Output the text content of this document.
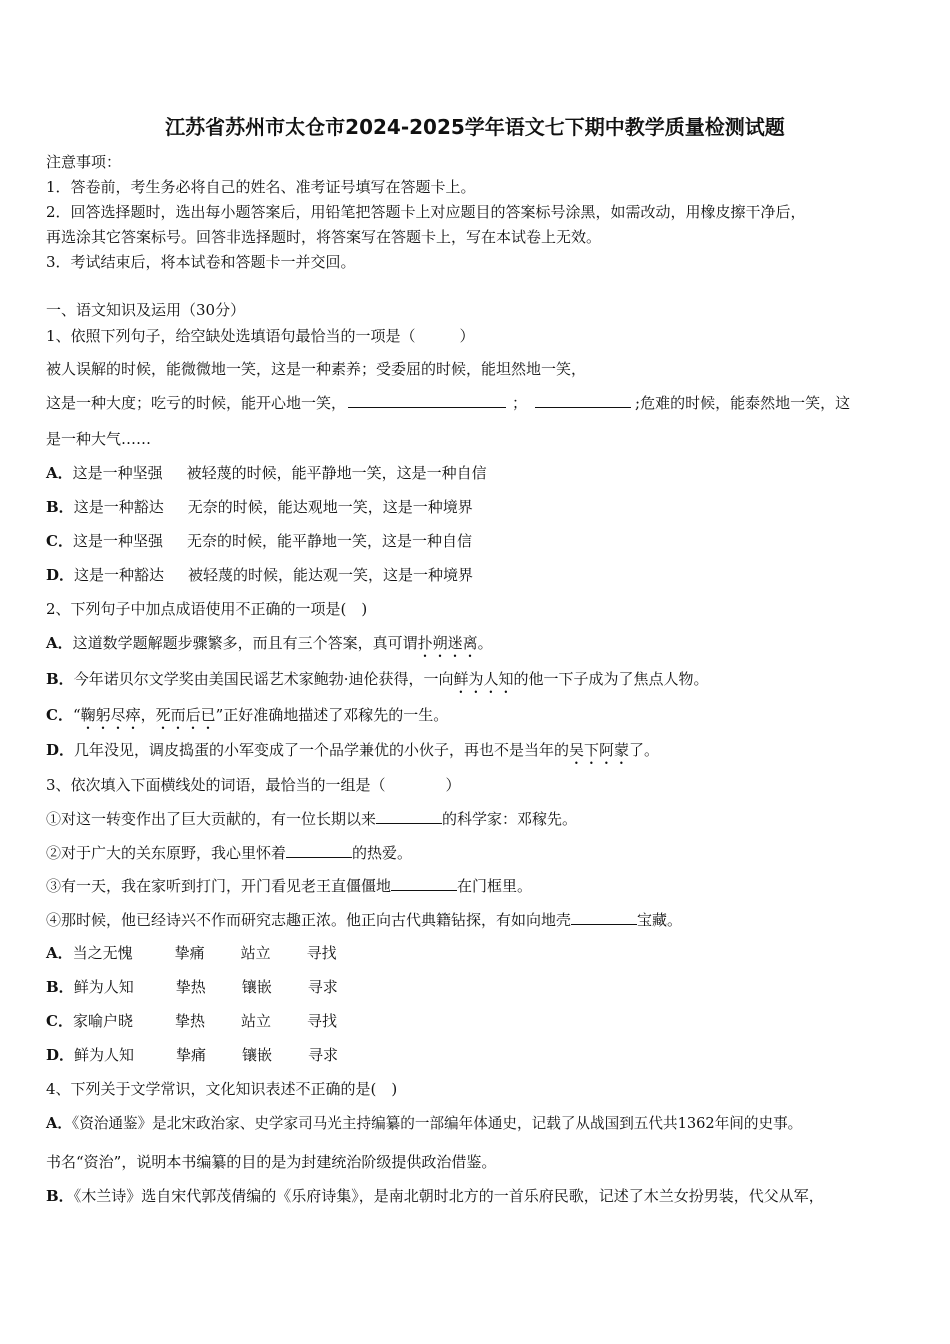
江苏省苏州市太仓市2024-2025学年语文七下期中教学质量检测试题
注意事项：
1．答卷前，考生务必将自己的姓名、准考证号填写在答题卡上。
2．回答选择题时，选出每小题答案后，用铅笔把答题卡上对应题目的答案标号涂黑，如需改动，用橡皮擦干净后，
再选涂其它答案标号。回答非选择题时，将答案写在答题卡上，写在本试卷上无效。
3．考试结束后，将本试卷和答题卡一并交回。
一、语文知识及运用（30分）
1、依照下列句子，给空缺处选填语句最恰当的一项是（	）
被人误解的时候，能微微地一笑，这是一种素养；受委屈的时候，能坦然地一笑，
这是一种大度；吃亏的时候，能开心地一笑，	；	;危难的时候，能泰然地一笑，这
是一种大气……
A．这是一种坚强 被轻蔑的时候，能平静地一笑，这是一种自信
B．这是一种豁达 无奈的时候，能达观地一笑，这是一种境界
C．这是一种坚强 无奈的时候，能平静地一笑，这是一种自信
D．这是一种豁达 被轻蔑的时候，能达观一笑，这是一种境界
2、下列句子中加点成语使用不正确的一项是(　)
A．这道数学题解题步骤繁多，而且有三个答案，真可谓扑朔迷离。
B．今年诺贝尔文学奖由美国民谣艺术家鲍勃·迪伦获得，一向鲜为人知的他一下子成为了焦点人物。
C．“鞠躬尽瘁，死而后已”正好准确地描述了邓稼先的一生。
D．几年没见，调皮捣蛋的小军变成了一个品学兼优的小伙子，再也不是当年的吴下阿蒙了。
3、依次填入下面横线处的词语，最恰当的一组是（	）
①对这一转变作出了巨大贡献的，有一位长期以来	的科学家：邓稼先。
②对于广大的关东原野，我心里怀着	的热爱。
③有一天，我在家听到打门，开门看见老王直僵僵地	在门框里。
④那时候，他已经诗兴不作而研究志趣正浓。他正向古代典籍钻探，有如向地壳	宝藏。
A．当之无愧	挚痛 站立 寻找
B．鲜为人知	挚热 镶嵌 寻求
C．家喻户晓	挚热 站立 寻找
D．鲜为人知	挚痛 镶嵌 寻求
4、下列关于文学常识，文化知识表述不正确的是(　)
A．《资治通鉴》是北宋政治家、史学家司马光主持编纂的一部编年体通史，记载了从战国到五代共1362年间的史事。
书名“资治”，说明本书编纂的目的是为封建统治阶级提供政治借鉴。
B．《木兰诗》选自宋代郭茂倩编的《乐府诗集》，是南北朝时北方的一首乐府民歌，记述了木兰女扮男装，代父从军，
